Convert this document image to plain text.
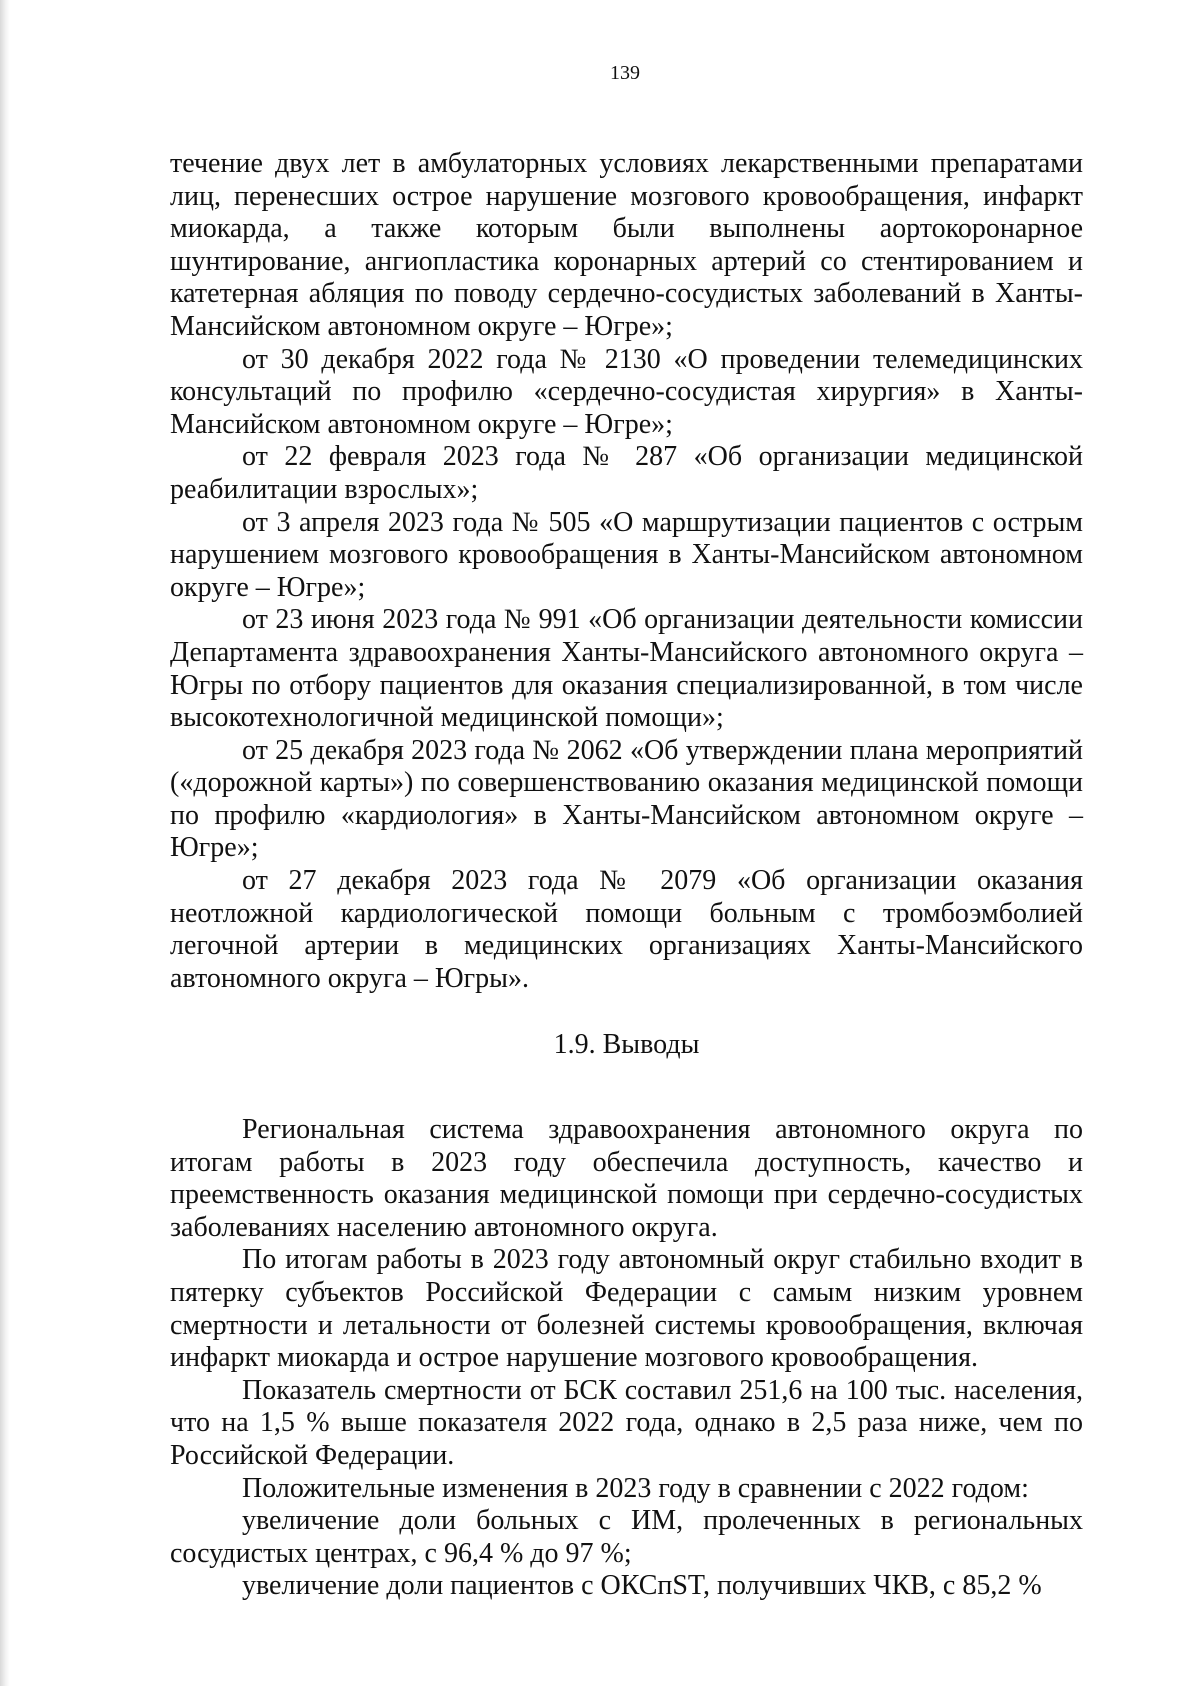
139

течение двух лет в амбулаторных условиях лекарственными препаратами лиц, перенесших острое нарушение мозгового кровообращения, инфаркт миокарда, а также которым были выполнены аортокоронарное шунтирование, ангиопластика коронарных артерий со стентированием и катетерная абляция по поводу сердечно-сосудистых заболеваний в Ханты-Мансийском автономном округе – Югре»;

от 30 декабря 2022 года № 2130 «О проведении телемедицинских консультаций по профилю «сердечно-сосудистая хирургия» в Ханты-Мансийском автономном округе – Югре»;

от 22 февраля 2023 года № 287 «Об организации медицинской реабилитации взрослых»;

от 3 апреля 2023 года № 505 «О маршрутизации пациентов с острым нарушением мозгового кровообращения в Ханты-Мансийском автономном округе – Югре»;

от 23 июня 2023 года № 991 «Об организации деятельности комиссии Департамента здравоохранения Ханты-Мансийского автономного округа – Югры по отбору пациентов для оказания специализированной, в том числе высокотехнологичной медицинской помощи»;

от 25 декабря 2023 года № 2062 «Об утверждении плана мероприятий («дорожной карты») по совершенствованию оказания медицинской помощи по профилю «кардиология» в Ханты-Мансийском автономном округе – Югре»;

от 27 декабря 2023 года № 2079 «Об организации оказания неотложной кардиологической помощи больным с тромбоэмболией легочной артерии в медицинских организациях Ханты-Мансийского автономного округа – Югры».

1.9. Выводы

Региональная система здравоохранения автономного округа по итогам работы в 2023 году обеспечила доступность, качество и преемственность оказания медицинской помощи при сердечно-сосудистых заболеваниях населению автономного округа.

По итогам работы в 2023 году автономный округ стабильно входит в пятерку субъектов Российской Федерации с самым низким уровнем смертности и летальности от болезней системы кровообращения, включая инфаркт миокарда и острое нарушение мозгового кровообращения.

Показатель смертности от БСК составил 251,6 на 100 тыс. населения, что на 1,5 % выше показателя 2022 года, однако в 2,5 раза ниже, чем по Российской Федерации.

Положительные изменения в 2023 году в сравнении с 2022 годом:

увеличение доли больных с ИМ, пролеченных в региональных сосудистых центрах, с 96,4 % до 97 %;

увеличение доли пациентов с ОКСпST, получивших ЧКВ, с 85,2 %
